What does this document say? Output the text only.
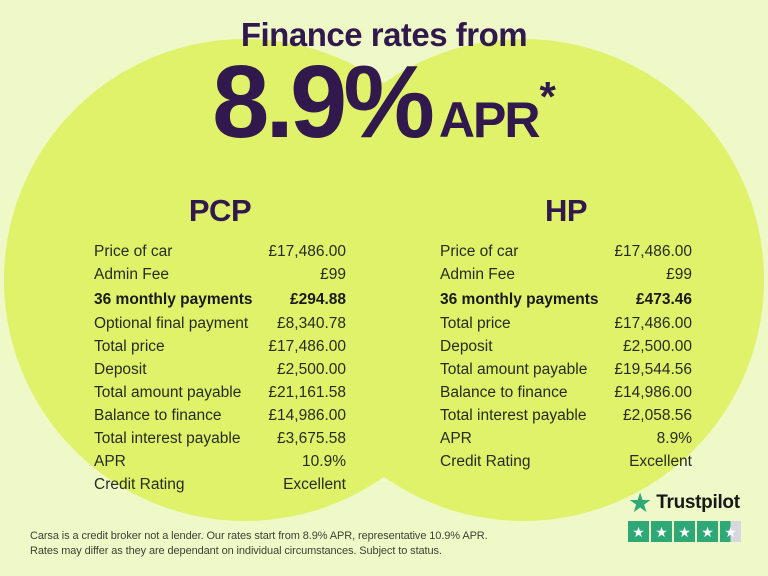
Finance rates from
8.9% APR *
PCP
Price of car	£17,486.00
Admin Fee	£99
36 monthly payments £294.88
Optional final payment £8,340.78
Total price	£17,486.00
Deposit	£2,500.00
Total amount payable £21,161.58
Balance to finance	£14,986.00
Total interest payable £3,675.58
APR	10.9%
Credit Rating	Excellent
HP
Price of car	£17,486.00
Admin Fee	£99
36 monthly payments £473.46
Total price	£17,486.00
Deposit	£2,500.00
Total amount payable £19,544.56
Balance to finance	£14,986.00
Total interest payable £2,058.56
APR	8.9%
Credit Rating	Excellent
Carsa is a credit broker not a lender. Our rates start from 8.9% APR, representative 10.9% APR.
Rates may differ as they are dependant on individual circumstances. Subject to status.
★ Trustpilot
★ ★ ★ ★ ★
